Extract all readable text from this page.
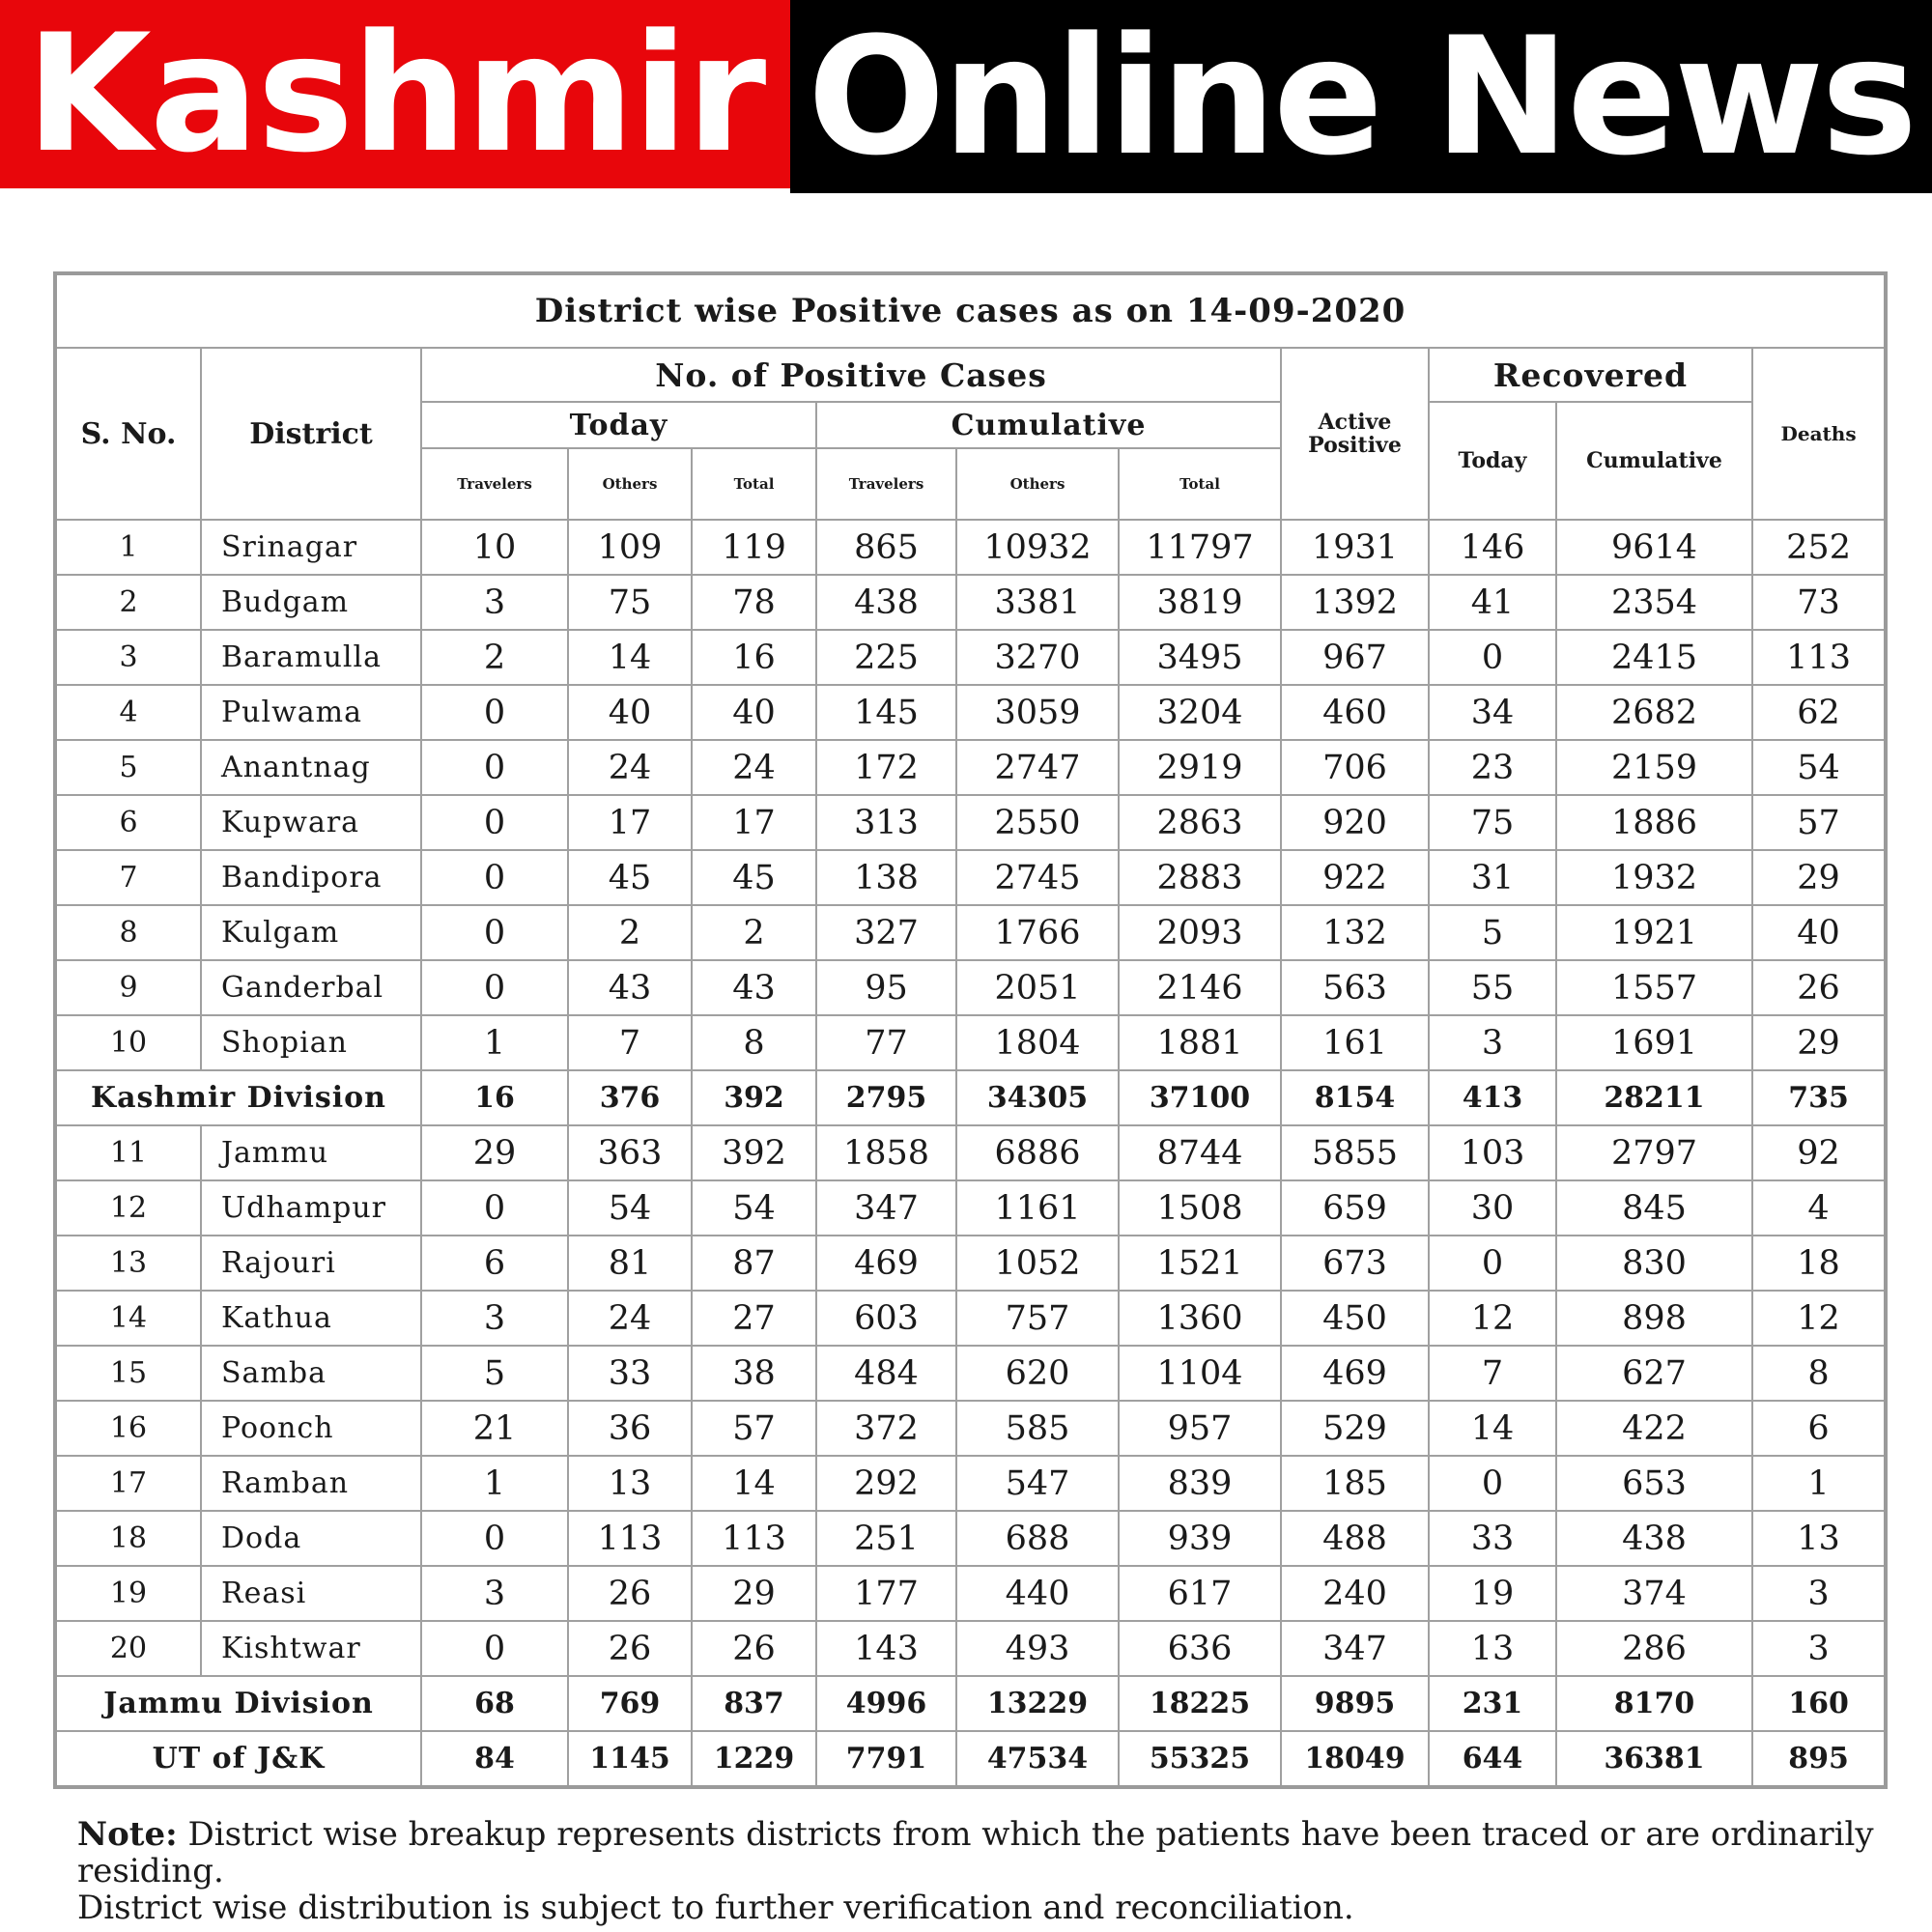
Kashmir Online News
District wise Positive cases as on 14-09-2020											
S. No.	District	No. of Positive Cases						Active Positive	Recovered		Deaths
		Today			Cumulative				Today	Cumulative	
		Travelers	Others	Total	Travelers	Others	Total				
1	Srinagar	10	109	119	865	10932	11797	1931	146	9614	252
2	Budgam	3	75	78	438	3381	3819	1392	41	2354	73
3	Baramulla	2	14	16	225	3270	3495	967	0	2415	113
4	Pulwama	0	40	40	145	3059	3204	460	34	2682	62
5	Anantnag	0	24	24	172	2747	2919	706	23	2159	54
6	Kupwara	0	17	17	313	2550	2863	920	75	1886	57
7	Bandipora	0	45	45	138	2745	2883	922	31	1932	29
8	Kulgam	0	2	2	327	1766	2093	132	5	1921	40
9	Ganderbal	0	43	43	95	2051	2146	563	55	1557	26
10	Shopian	1	7	8	77	1804	1881	161	3	1691	29
Kashmir Division		16	376	392	2795	34305	37100	8154	413	28211	735
11	Jammu	29	363	392	1858	6886	8744	5855	103	2797	92
12	Udhampur	0	54	54	347	1161	1508	659	30	845	4
13	Rajouri	6	81	87	469	1052	1521	673	0	830	18
14	Kathua	3	24	27	603	757	1360	450	12	898	12
15	Samba	5	33	38	484	620	1104	469	7	627	8
16	Poonch	21	36	57	372	585	957	529	14	422	6
17	Ramban	1	13	14	292	547	839	185	0	653	1
18	Doda	0	113	113	251	688	939	488	33	438	13
19	Reasi	3	26	29	177	440	617	240	19	374	3
20	Kishtwar	0	26	26	143	493	636	347	13	286	3
Jammu Division		68	769	837	4996	13229	18225	9895	231	8170	160
UT of J&K		84	1145	1229	7791	47534	55325	18049	644	36381	895
Note: District wise breakup represents districts from which the patients have been traced or are ordinarily residing.
District wise distribution is subject to further verification and reconciliation.
